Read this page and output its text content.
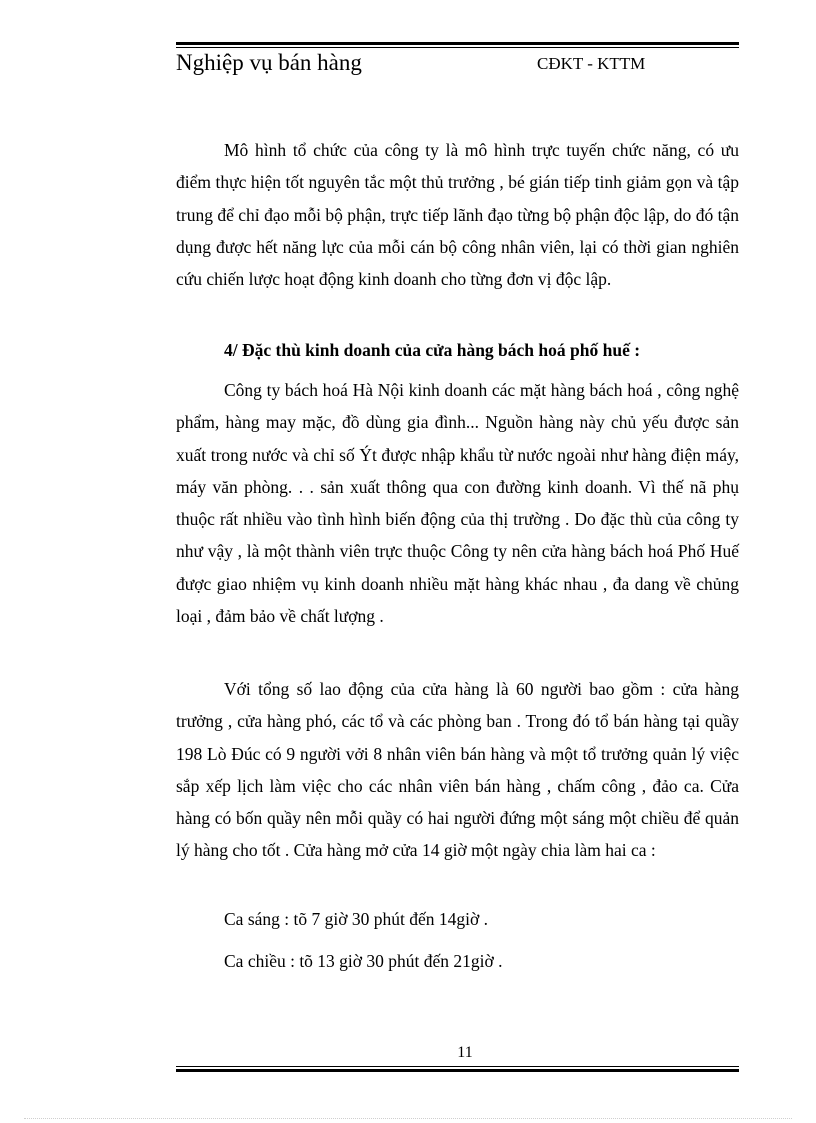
Nghiệp vụ bán hàng	CĐKT - KTTM

Mô hình tổ chức của công ty là mô hình trực tuyến chức năng, có ưu điểm thực hiện tốt nguyên tắc một thủ trưởng , bé gián tiếp tinh giảm gọn và tập trung để chỉ đạo mỗi bộ phận, trực tiếp lãnh đạo từng bộ phận độc lập, do đó tận dụng được hết năng lực của mỗi cán bộ công nhân viên, lại có thời gian nghiên cứu chiến lược hoạt động kinh doanh cho từng đơn vị độc lập.

4/ Đặc thù kinh doanh của cửa hàng bách hoá phố huế :

Công ty bách hoá Hà Nội kinh doanh các mặt hàng bách hoá , công nghệ phẩm, hàng may mặc, đồ dùng gia đình... Nguồn hàng này chủ yếu được sản xuất trong nước và chỉ số Ýt được nhập khẩu từ nước ngoài như hàng điện máy, máy văn phòng. . . sản xuất thông qua con đường kinh doanh. Vì thế nã phụ thuộc rất nhiều vào tình hình biến động của thị trường . Do đặc thù của công ty như vậy , là một thành viên trực thuộc Công ty nên cửa hàng bách hoá Phố Huế được giao nhiệm vụ kinh doanh nhiều mặt hàng khác nhau , đa dang về chủng loại , đảm bảo về chất lượng .

Với tổng số lao động của cửa hàng là 60 người bao gồm : cửa hàng trưởng , cửa hàng phó, các tổ và các phòng ban . Trong đó tổ bán hàng tại quầy 198 Lò Đúc có 9 người vởi 8 nhân viên bán hàng và một tổ trưởng quản lý việc sắp xếp lịch làm việc cho các nhân viên bán hàng , chấm công , đảo ca. Cửa hàng có bốn quầy nên mỗi quầy có hai người đứng một sáng một chiều để quản lý hàng cho tốt . Cửa hàng mở cửa 14 giờ một ngày chia làm hai ca :

Ca sáng : tõ 7 giờ 30 phút đến 14giờ .
Ca chiều : tõ 13 giờ 30 phút đến 21giờ .
11
